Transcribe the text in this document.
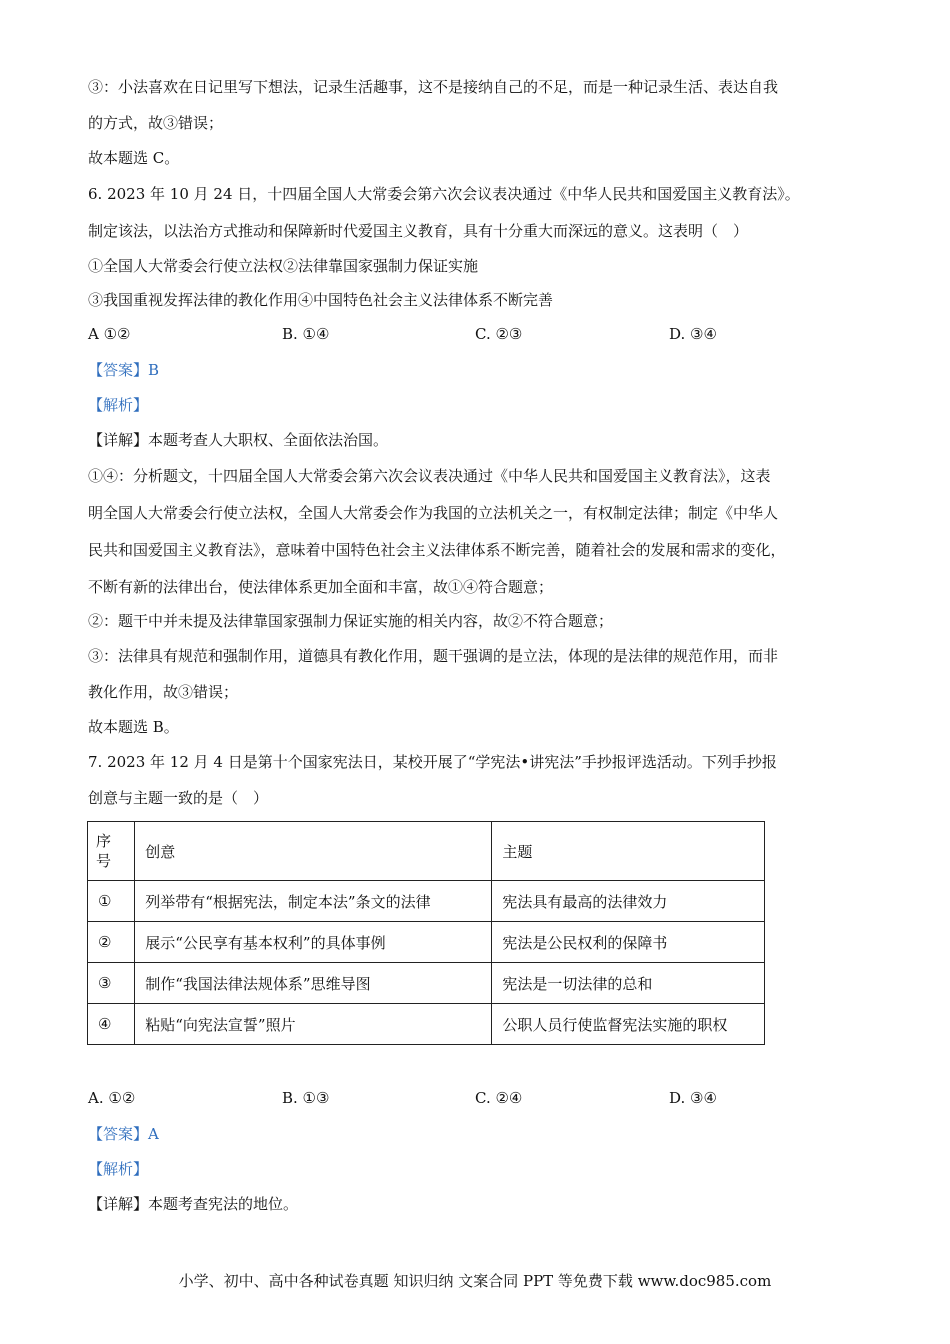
③：小法喜欢在日记里写下想法，记录生活趣事，这不是接纳自己的不足，而是一种记录生活、表达自我
的方式，故③错误；
故本题选 C。
6. 2023 年 10 月 24 日，十四届全国人大常委会第六次会议表决通过《中华人民共和国爱国主义教育法》。
制定该法，以法治方式推动和保障新时代爱国主义教育，具有十分重大而深远的意义。这表明（　）
①全国人大常委会行使立法权②法律靠国家强制力保证实施
③我国重视发挥法律的教化作用④中国特色社会主义法律体系不断完善
A ①②	B. ①④	C. ②③	D. ③④
【答案】B
【解析】
【详解】本题考查人大职权、全面依法治国。
①④：分析题文，十四届全国人大常委会第六次会议表决通过《中华人民共和国爱国主义教育法》，这表
明全国人大常委会行使立法权，全国人大常委会作为我国的立法机关之一，有权制定法律；制定《中华人
民共和国爱国主义教育法》，意味着中国特色社会主义法律体系不断完善，随着社会的发展和需求的变化，
不断有新的法律出台，使法律体系更加全面和丰富，故①④符合题意；
②：题干中并未提及法律靠国家强制力保证实施的相关内容，故②不符合题意；
③：法律具有规范和强制作用，道德具有教化作用，题干强调的是立法，体现的是法律的规范作用，而非
教化作用，故③错误；
故本题选 B。
7. 2023 年 12 月 4 日是第十个国家宪法日，某校开展了“学宪法•讲宪法”手抄报评选活动。下列手抄报
创意与主题一致的是（　）
序号	创意	主题
①	列举带有“根据宪法，制定本法”条文的法律	宪法具有最高的法律效力
②	展示“公民享有基本权利”的具体事例	宪法是公民权利的保障书
③	制作“我国法律法规体系”思维导图	宪法是一切法律的总和
④	粘贴“向宪法宣誓”照片	公职人员行使监督宪法实施的职权
A. ①②	B. ①③	C. ②④	D. ③④
【答案】A
【解析】
【详解】本题考查宪法的地位。
小学、初中、高中各种试卷真题 知识归纳 文案合同 PPT 等免费下载 www.doc985.com
